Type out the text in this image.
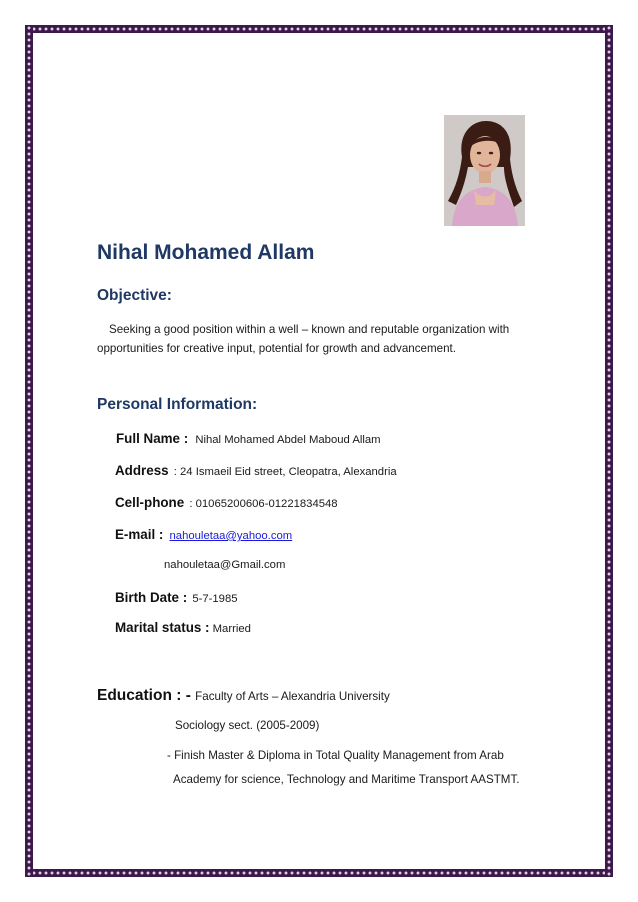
Nihal Mohamed Allam
Objective:

Seeking a good position within a well – known and reputable organization with
opportunities for creative input, potential for growth and advancement.

Personal Information:
Full Name : Nihal Mohamed Abdel Maboud Allam
Address : 24 Ismaeil Eid street, Cleopatra, Alexandria
Cell-phone : 01065200606-01221834548
E-mail : nahouletaa@yahoo.com
nahouletaa@Gmail.com
Birth Date : 5-7-1985
Marital status : Married
Education : - Faculty of Arts – Alexandria University
Sociology sect. (2005-2009)
- Finish Master & Diploma in Total Quality Management from Arab
Academy for science, Technology and Maritime Transport AASTMT.
